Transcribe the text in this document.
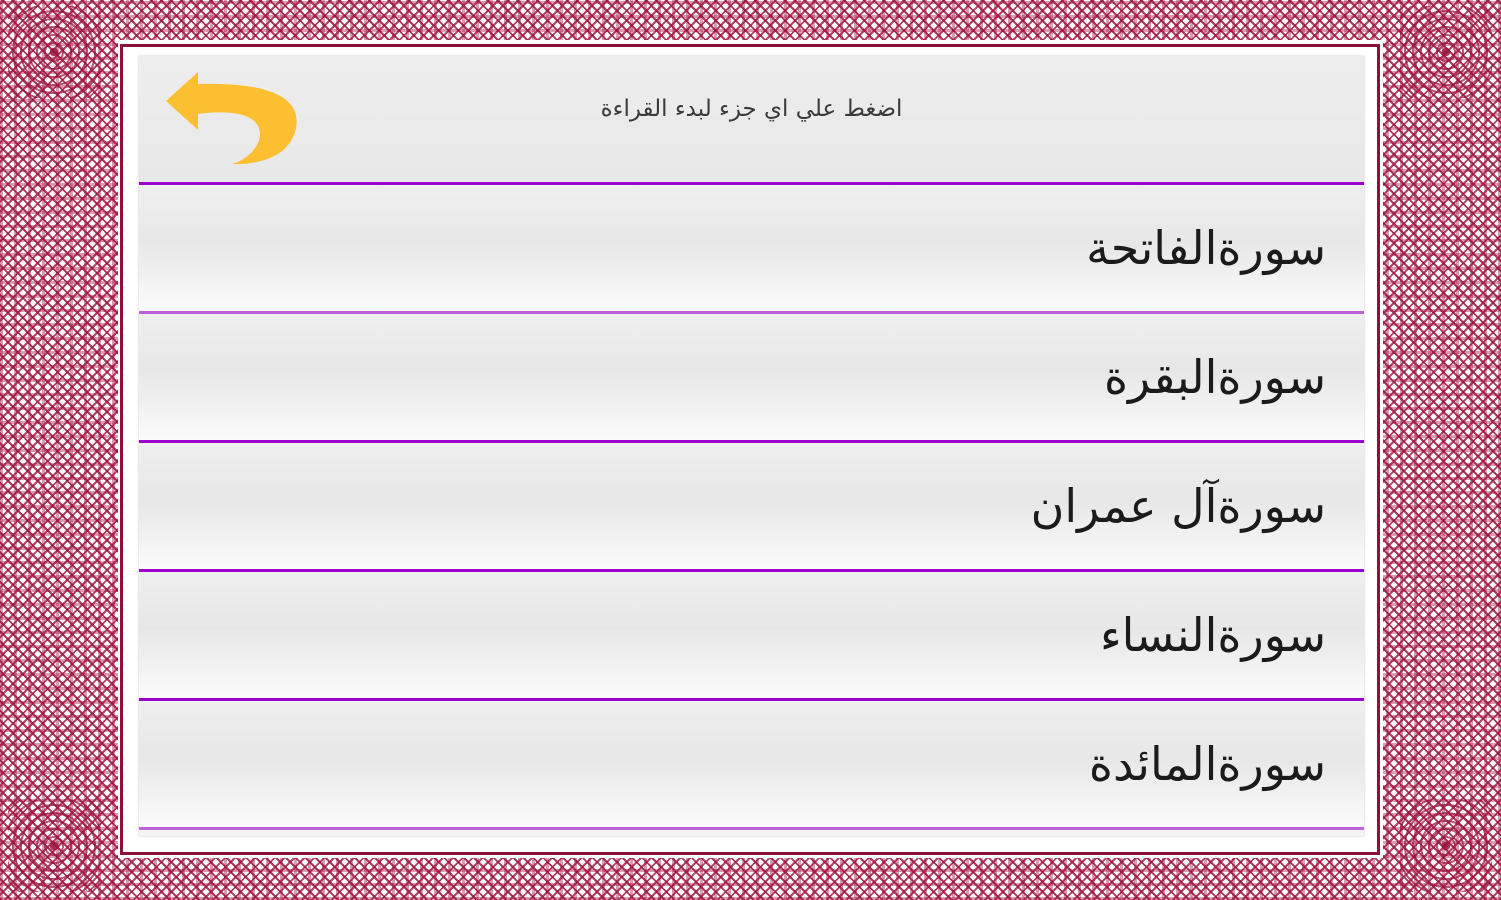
اضغط علي اي جزء لبدء القراءة
سورةالفاتحة
سورةالبقرة
سورةآل عمران
سورةالنساء
سورةالمائدة
